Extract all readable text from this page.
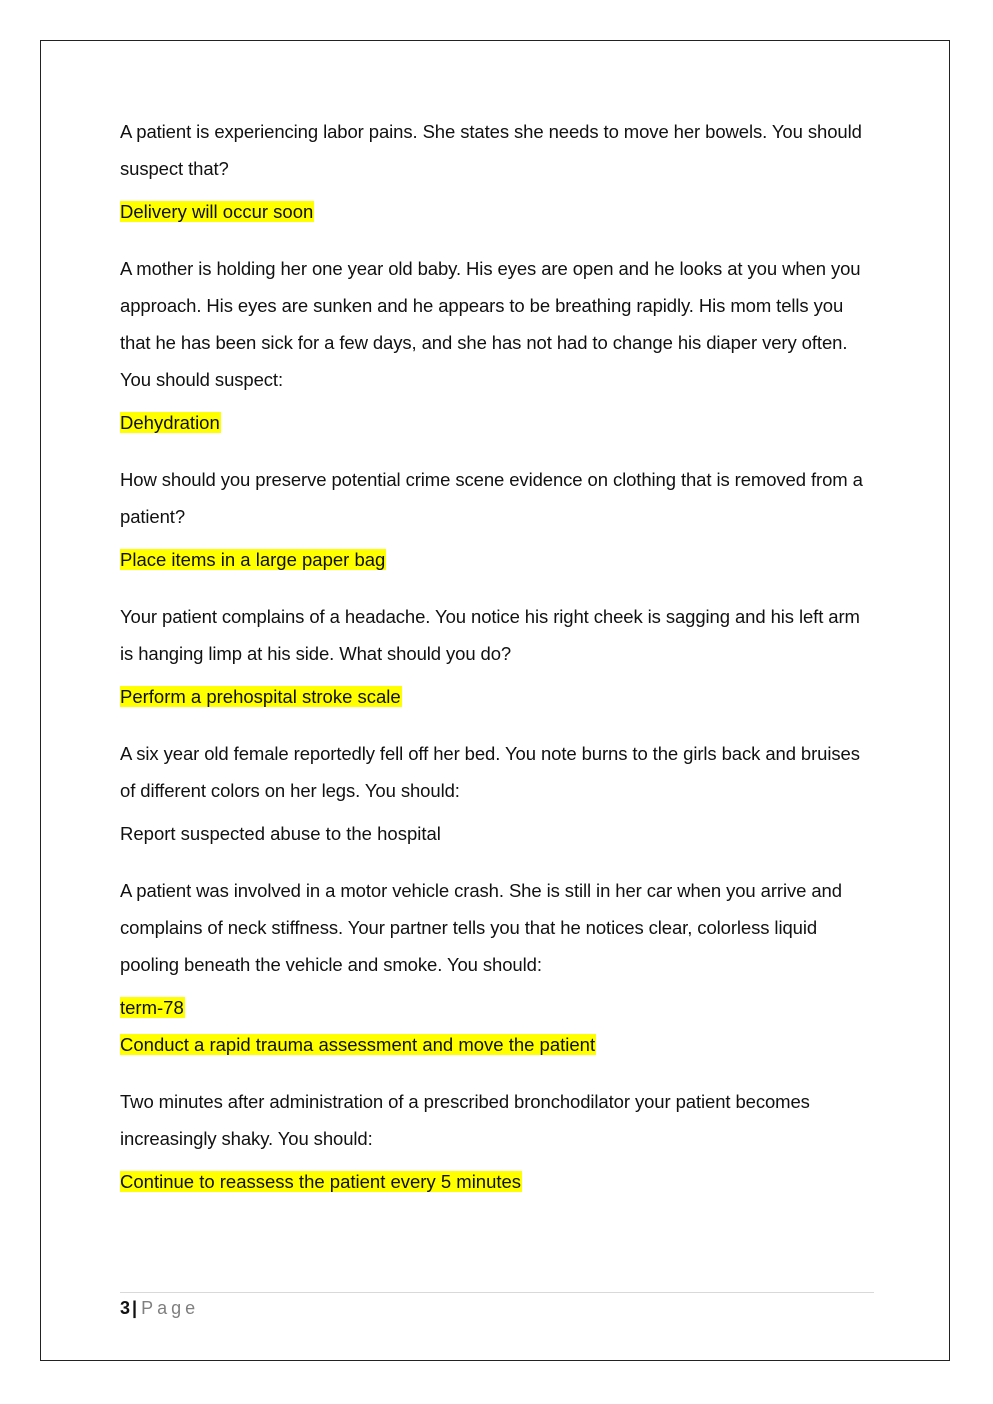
A patient is experiencing labor pains. She states she needs to move her bowels. You should suspect that?

Delivery will occur soon

A mother is holding her one year old baby. His eyes are open and he looks at you when you approach. His eyes are sunken and he appears to be breathing rapidly. His mom tells you that he has been sick for a few days, and she has not had to change his diaper very often. You should suspect:

Dehydration

How should you preserve potential crime scene evidence on clothing that is removed from a patient?

Place items in a large paper bag

Your patient complains of a headache. You notice his right cheek is sagging and his left arm is hanging limp at his side. What should you do?

Perform a prehospital stroke scale

A six year old female reportedly fell off her bed. You note burns to the girls back and bruises of different colors on her legs. You should:

Report suspected abuse to the hospital

A patient was involved in a motor vehicle crash. She is still in her car when you arrive and complains of neck stiffness. Your partner tells you that he notices clear, colorless liquid pooling beneath the vehicle and smoke. You should:

term-78

Conduct a rapid trauma assessment and move the patient

Two minutes after administration of a prescribed bronchodilator your patient becomes increasingly shaky. You should:

Continue to reassess the patient every 5 minutes

3 | Page
